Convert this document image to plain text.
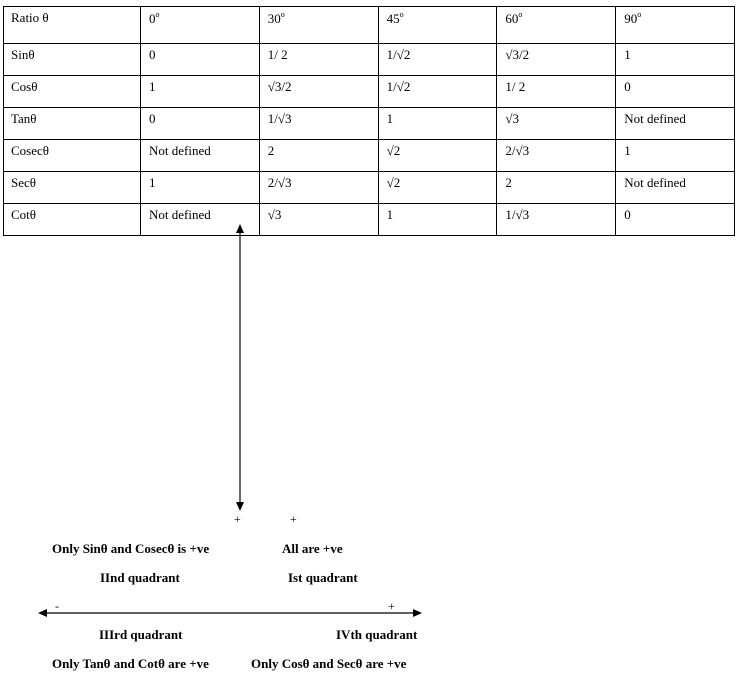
Ratio θ	0$^o$	30$^o$	45$^o$	60$^o$	90$^o$
Sinθ	0	1/ 2	1/√2	√3/2	1
Cosθ	1	√3/2	1/√2	1/ 2	0
Tanθ	0	1/√3	1	√3	Not defined
Cosecθ	Not defined	2	√2	2/√3	1
Secθ	1	2/√3	√2	2	Not defined
Cotθ	Not defined	√3	1	1/√3	0
+	+
-	+
Only Sinθ and Cosecθ is +ve	All are +ve
IInd quadrant	Ist quadrant
IIIrd quadrant	IVth quadrant
Only Tanθ and Cotθ are +ve	Only Cosθ and Secθ are +ve
